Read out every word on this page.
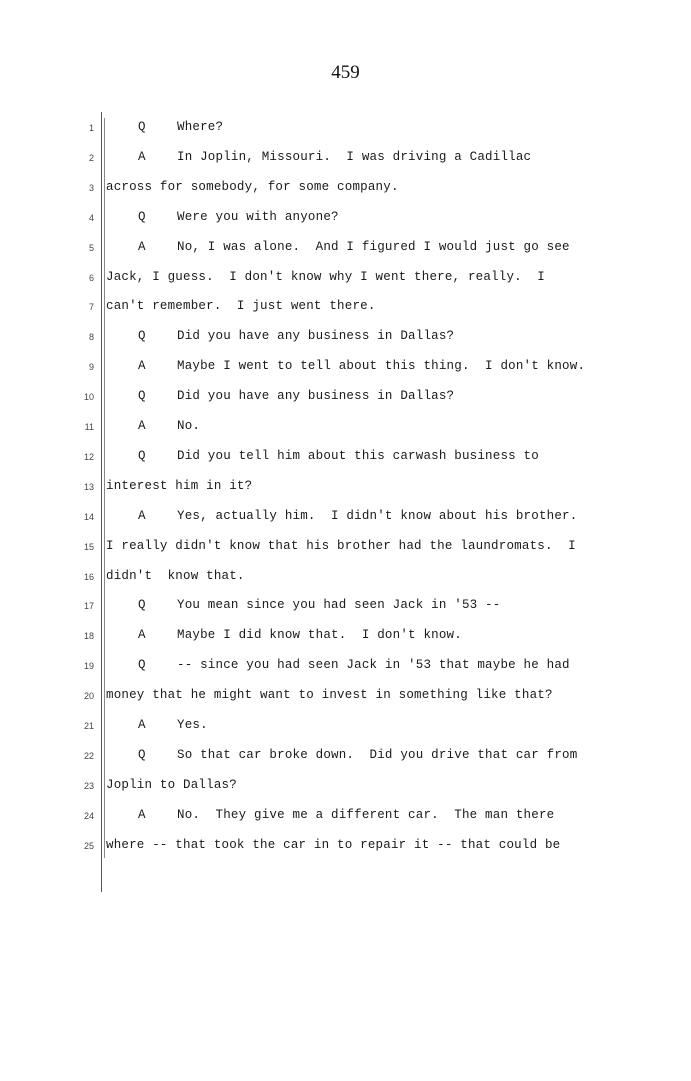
459
1	Q	Where?
2	A	In Joplin, Missouri.  I was driving a Cadillac
3 across for somebody, for some company.
4	Q	Were you with anyone?
5	A	No, I was alone.  And I figured I would just go see
6 Jack, I guess.  I don't know why I went there, really.  I
7 can't remember.  I just went there.
8	Q	Did you have any business in Dallas?
9	A	Maybe I went to tell about this thing.  I don't know.
10	Q	Did you have any business in Dallas?
11	A	No.
12	Q	Did you tell him about this carwash business to
13 interest him in it?
14	A	Yes, actually him.  I didn't know about his brother.
15 I really didn't know that his brother had the laundromats.  I
16 didn't  know that.
17	Q	You mean since you had seen Jack in '53 --
18	A	Maybe I did know that.  I don't know.
19	Q	-- since you had seen Jack in '53 that maybe he had
20 money that he might want to invest in something like that?
21	A	Yes.
22	Q	So that car broke down.  Did you drive that car from
23 Joplin to Dallas?
24	A	No.  They give me a different car.  The man there
25 where -- that took the car in to repair it -- that could be
